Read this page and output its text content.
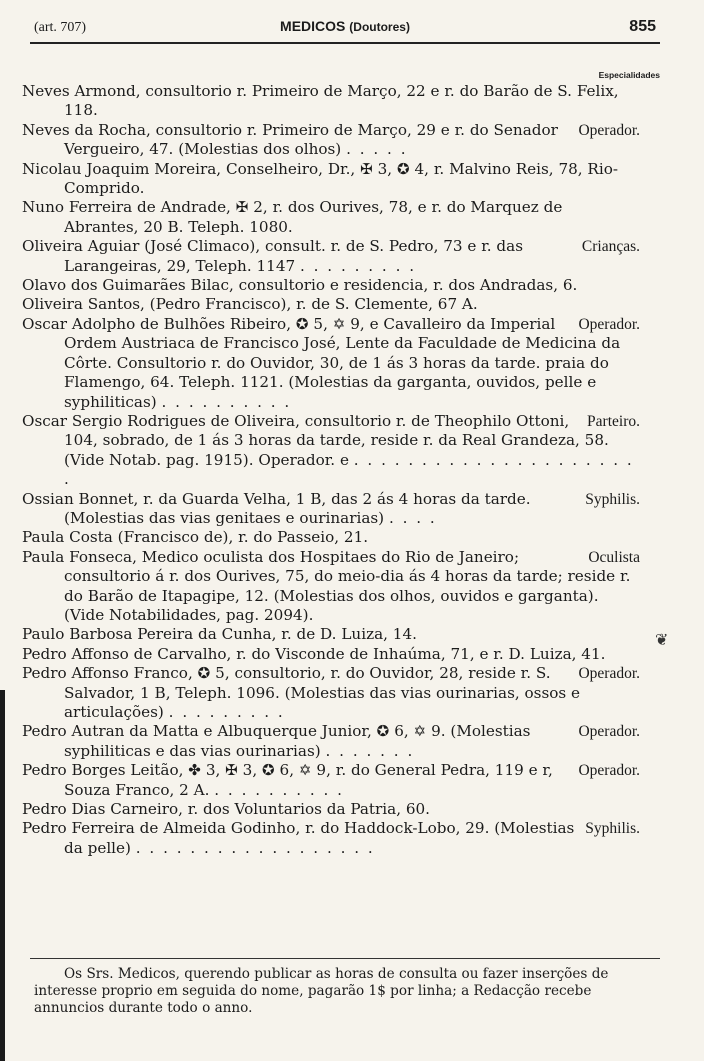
(art. 707)	MEDICOS (Doutores)	855
Especialidades
Neves Armond, consultorio r. Primeiro de Março, 22 e r. do Barão de S. Felix, 118.
Operador.
Neves da Rocha, consultorio r. Primeiro de Março, 29 e r. do Senador Vergueiro, 47. (Molestias dos olhos) . . . . .
Nicolau Joaquim Moreira, Conselheiro, Dr., ✠ 3, ✪ 4, r. Malvino Reis, 78, Rio-Comprido.
Nuno Ferreira de Andrade, ✠ 2, r. dos Ourives, 78, e r. do Marquez de Abrantes, 20 B. Teleph. 1080.
Crianças.
Oliveira Aguiar (José Climaco), consult. r. de S. Pedro, 73 e r. das Larangeiras, 29, Teleph. 1147 . . . . . . . . .
Olavo dos Guimarães Bilac, consultorio e residencia, r. dos Andradas, 6.
Oliveira Santos, (Pedro Francisco), r. de S. Clemente, 67 A.
Operador.
Oscar Adolpho de Bulhões Ribeiro, ✪ 5, ✡ 9, e Cavalleiro da Imperial Ordem Austriaca de Francisco José, Lente da Faculdade de Medicina da Côrte. Consultorio r. do Ouvidor, 30, de 1 ás 3 horas da tarde. praia do Flamengo, 64. Teleph. 1121. (Molestias da garganta, ouvidos, pelle e syphiliticas) . . . . . . . . . .
Parteiro.
Oscar Sergio Rodrigues de Oliveira, consultorio r. de Theophilo Ottoni, 104, sobrado, de 1 ás 3 horas da tarde, reside r. da Real Grandeza, 58.(Vide Notab. pag. 1915). Operador. e . . . . . . . . . . . . . . . . . . . . . .
Syphilis.
Ossian Bonnet, r. da Guarda Velha, 1 B, das 2 ás 4 horas da tarde. (Molestias das vias genitaes e ourinarias) . . . .
Paula Costa (Francisco de), r. do Passeio, 21.
Oculista
Paula Fonseca, Medico oculista dos Hospitaes do Rio de Janeiro; consultorio á r. dos Ourives, 75, do meio-dia ás 4 horas da tarde; reside r. do Barão de Itapagipe, 12. (Molestias dos olhos, ouvidos e garganta). (Vide Notabilidades, pag. 2094).
Paulo Barbosa Pereira da Cunha, r. de D. Luiza, 14.
Pedro Affonso de Carvalho, r. do Visconde de Inhaúma, 71, e r. D. Luiza, 41.
Operador.
Pedro Affonso Franco, ✪ 5, consultorio, r. do Ouvidor, 28, reside r. S. Salvador, 1 B, Teleph. 1096. (Molestias das vias ourinarias, ossos e articulações) . . . . . . . . .
Operador.
Pedro Autran da Matta e Albuquerque Junior, ✪ 6, ✡ 9. (Molestias syphiliticas e das vias ourinarias) . . . . . . .
Operador.
Pedro Borges Leitão, ✤ 3, ✠ 3, ✪ 6, ✡ 9, r. do General Pedra, 119 e r, Souza Franco, 2 A. . . . . . . . . . .
Pedro Dias Carneiro, r. dos Voluntarios da Patria, 60.
Syphilis.
Pedro Ferreira de Almeida Godinho, r. do Haddock-Lobo, 29. (Molestias da pelle) . . . . . . . . . . . . . . . . . .
❦
Os Srs. Medicos, querendo publicar as horas de consulta ou fazer inserções de interesse proprio em seguida do nome, pagarão 1$ por linha; a Redacção recebe annuncios durante todo o anno.
